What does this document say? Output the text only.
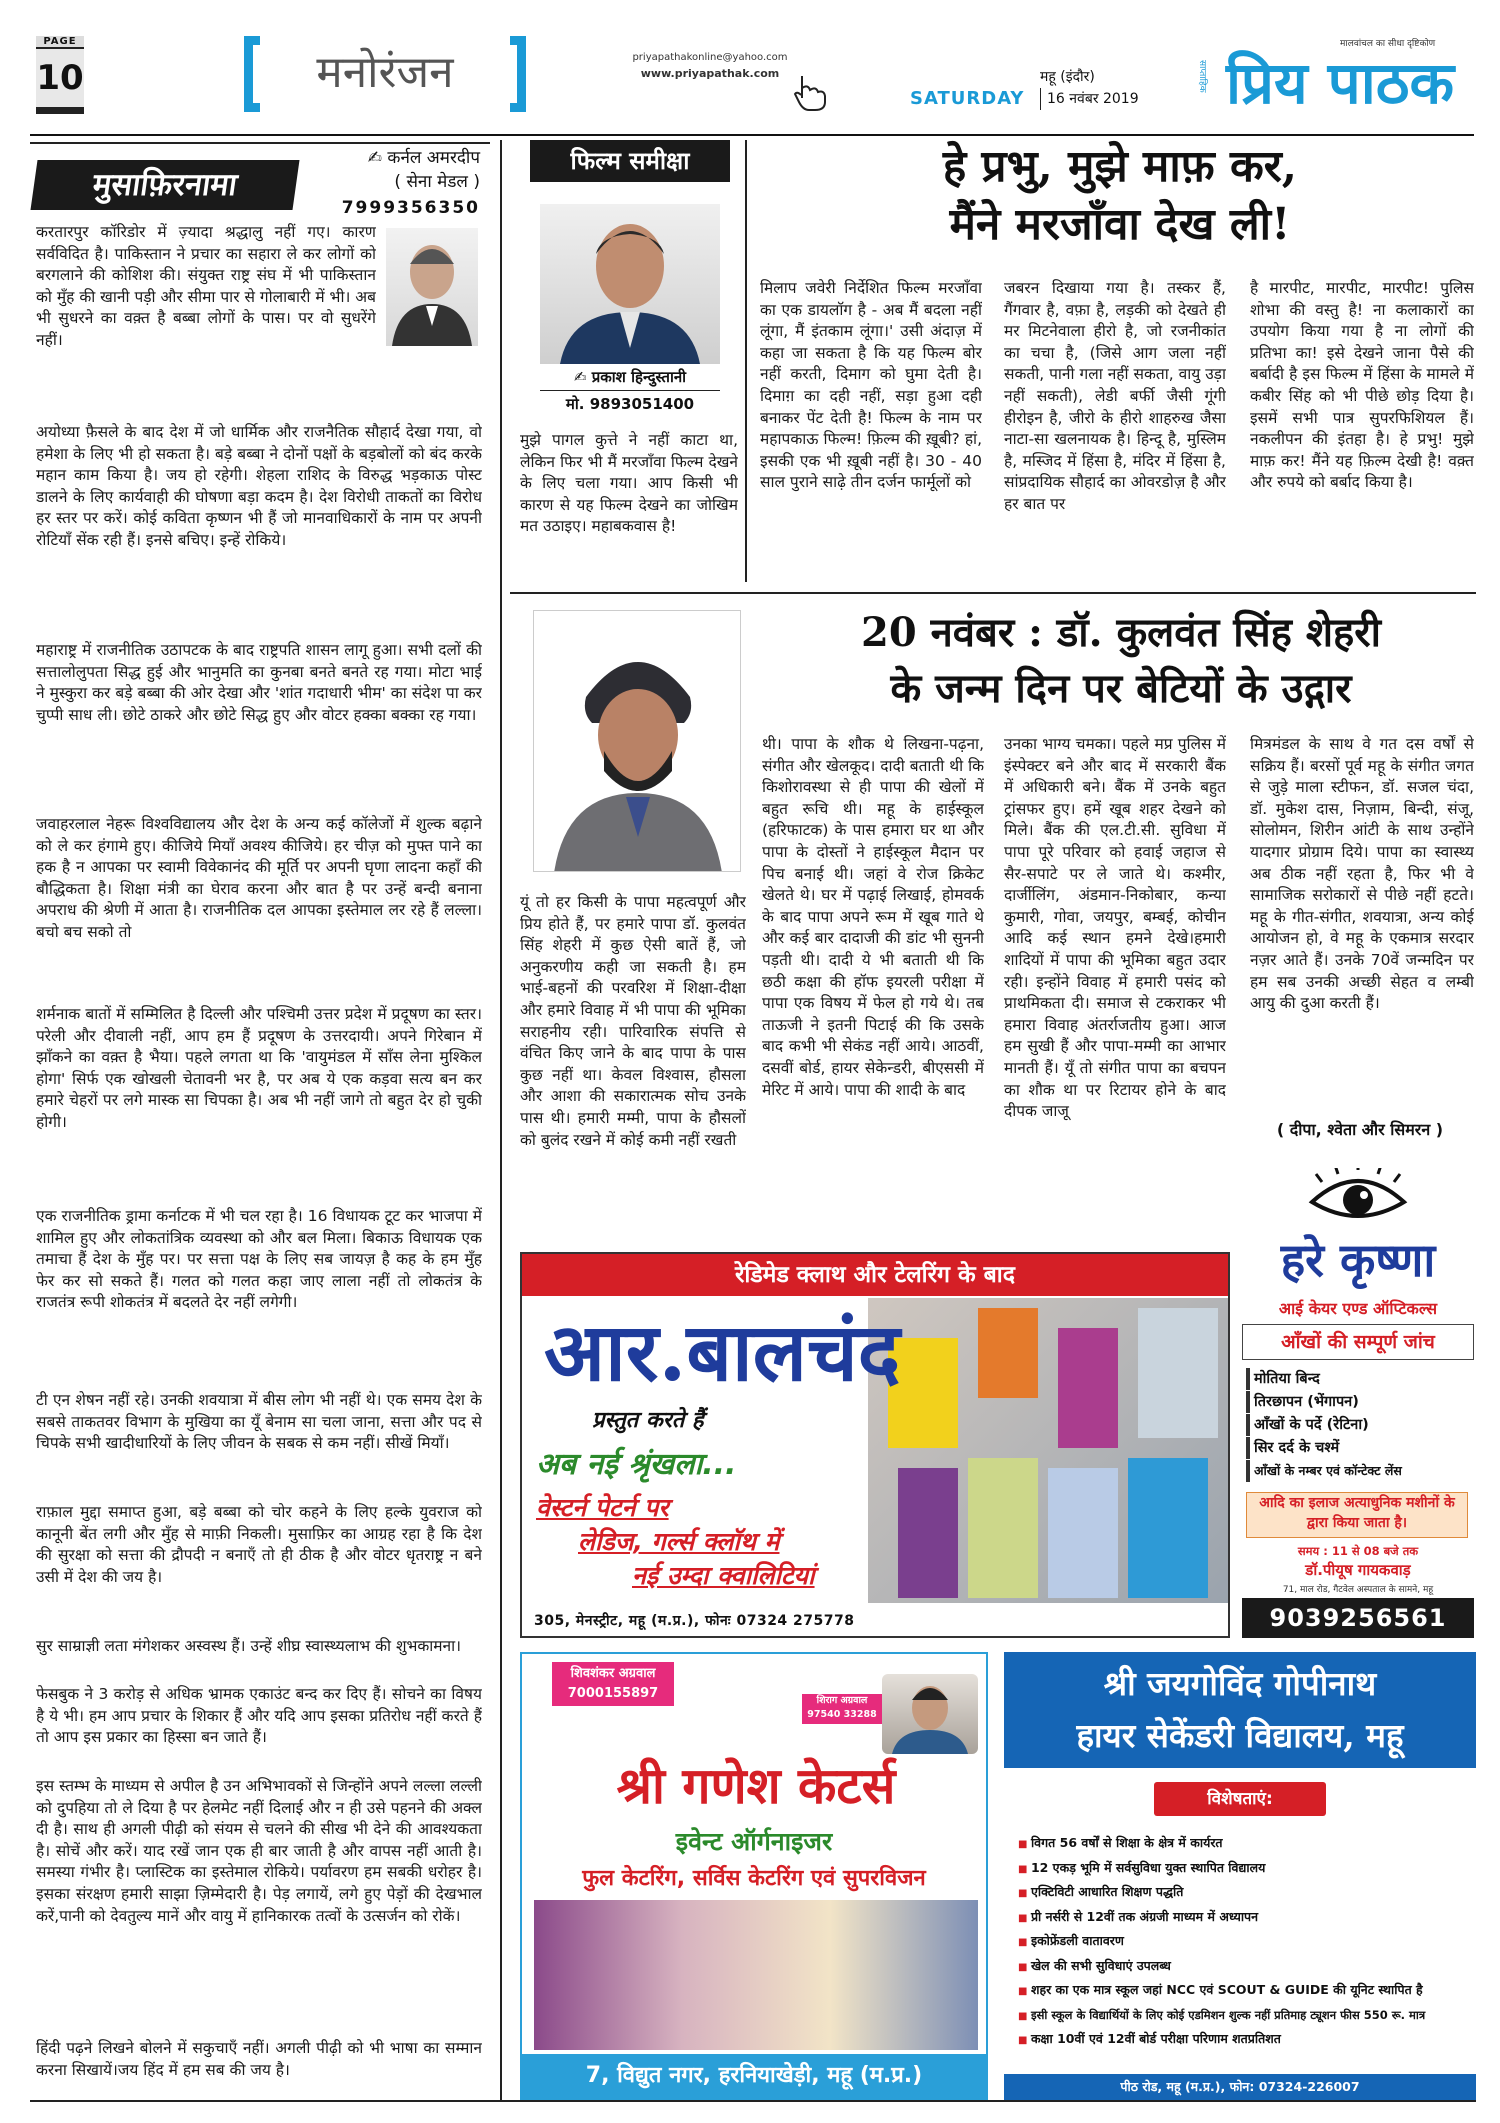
PAGE
10	मनोरंजन	priyapathakonline@yahoo.com
www.priyapathak.com
SATURDAY
महू (इंदौर)
16 नवंबर 2019
साप्ताहिक प्रिय पाठक
मालवांचल का सीधा दृष्टिकोण
मुसाफ़िरनामा
✍ कर्नल अमरदीप
( सेना मेडल )
7999356350

करतारपुर कॉरिडोर में ज़्यादा श्रद्धालु नहीं गए। कारण सर्वविदित है। पाकिस्तान ने प्रचार का सहारा ले कर लोगों को बरगलाने की कोशिश की। संयुक्त राष्ट्र संघ में भी पाकिस्तान को मुँह की खानी पड़ी और सीमा पार से गोलाबारी में भी। अब भी सुधरने का वक़्त है बब्बा लोगों के पास। पर वो सुधरेंगे नहीं।

अयोध्या फ़ैसले के बाद देश में जो धार्मिक और राजनैतिक सौहार्द देखा गया, वो हमेशा के लिए भी हो सकता है। बड़े बब्बा ने दोनों पक्षों के बड़बोलों को बंद करके महान काम किया है। जय हो रहेगी। शेहला राशिद के विरुद्ध भड़काऊ पोस्ट डालने के लिए कार्यवाही की घोषणा बड़ा कदम है। देश विरोधी ताकतों का विरोध हर स्तर पर करें। कोई कविता कृष्णन भी हैं जो मानवाधिकारों के नाम पर अपनी रोटियाँ सेंक रही हैं। इनसे बचिए। इन्हें रोकिये।

महाराष्ट्र में राजनीतिक उठापटक के बाद राष्ट्रपति शासन लागू हुआ। सभी दलों की सत्तालोलुपता सिद्ध हुई और भानुमति का कुनबा बनते बनते रह गया। मोटा भाई ने मुस्कुरा कर बड़े बब्बा की ओर देखा और 'शांत गदाधारी भीम' का संदेश पा कर चुप्पी साध ली। छोटे ठाकरे और छोटे सिद्ध हुए और वोटर हक्का बक्का रह गया।

जवाहरलाल नेहरू विश्वविद्यालय और देश के अन्य कई कॉलेजों में शुल्क बढ़ाने को ले कर हंगामे हुए। कीजिये मियाँ अवश्य कीजिये। हर चीज़ को मुफ्त पाने का हक है न आपका पर स्वामी विवेकानंद की मूर्ति पर अपनी घृणा लादना कहाँ की बौद्धिकता है। शिक्षा मंत्री का घेराव करना और बात है पर उन्हें बन्दी बनाना अपराध की श्रेणी में आता है। राजनीतिक दल आपका इस्तेमाल लर रहे हैं लल्ला। बचो बच सको तो

शर्मनाक बातों में सम्मिलित है दिल्ली और पश्चिमी उत्तर प्रदेश में प्रदूषण का स्तर। परेली और दीवाली नहीं, आप हम हैं प्रदूषण के उत्तरदायी। अपने गिरेबान में झाँकने का वक़्त है भैया। पहले लगता था कि 'वायुमंडल में साँस लेना मुश्किल होगा' सिर्फ एक खोखली चेतावनी भर है, पर अब ये एक कड़वा सत्य बन कर हमारे चेहरों पर लगे मास्क सा चिपका है। अब भी नहीं जागे तो बहुत देर हो चुकी होगी।

एक राजनीतिक ड्रामा कर्नाटक में भी चल रहा है। 16 विधायक टूट कर भाजपा में शामिल हुए और लोकतांत्रिक व्यवस्था को और बल मिला। बिकाऊ विधायक एक तमाचा हैं देश के मुँह पर। पर सत्ता पक्ष के लिए सब जायज़ है कह के हम मुँह फेर कर सो सकते हैं। गलत को गलत कहा जाए लाला नहीं तो लोकतंत्र के राजतंत्र रूपी शोकतंत्र में बदलते देर नहीं लगेगी।

टी एन शेषन नहीं रहे। उनकी शवयात्रा में बीस लोग भी नहीं थे। एक समय देश के सबसे ताकतवर विभाग के मुखिया का यूँ बेनाम सा चला जाना, सत्ता और पद से चिपके सभी खादीधारियों के लिए जीवन के सबक से कम नहीं। सीखें मियाँ।

राफ़ाल मुद्दा समाप्त हुआ, बड़े बब्बा को चोर कहने के लिए हल्के युवराज को कानूनी बेंत लगी और मुँह से माफ़ी निकली। मुसाफ़िर का आग्रह रहा है कि देश की सुरक्षा को सत्ता की द्रौपदी न बनाएँ तो ही ठीक है और वोटर धृतराष्ट्र न बने उसी में देश की जय है।

सुर साम्राज्ञी लता मंगेशकर अस्वस्थ हैं। उन्हें शीघ्र स्वास्थ्यलाभ की शुभकामना।

फेसबुक ने 3 करोड़ से अधिक भ्रामक एकाउंट बन्द कर दिए हैं। सोचने का विषय है ये भी। हम आप प्रचार के शिकार हैं और यदि आप इसका प्रतिरोध नहीं करते हैं तो आप इस प्रकार का हिस्सा बन जाते हैं।

इस स्तम्भ के माध्यम से अपील है उन अभिभावकों से जिन्होंने अपने लल्ला लल्ली को दुपहिया तो ले दिया है पर हेलमेट नहीं दिलाई और न ही उसे पहनने की अक्ल दी है। साथ ही अगली पीढ़ी को संयम से चलने की सीख भी देने की आवश्यकता है। सोचें और करें। याद रखें जान एक ही बार जाती है और वापस नहीं आती है। समस्या गंभीर है। प्लास्टिक का इस्तेमाल रोकिये। पर्यावरण हम सबकी धरोहर है। इसका संरक्षण हमारी साझा ज़िम्मेदारी है। पेड़ लगायें, लगे हुए पेड़ों की देखभाल करें,पानी को देवतुल्य मानें और वायु में हानिकारक तत्वों के उत्सर्जन को रोकें।

हिंदी पढ़ने लिखने बोलने में सकुचाएँ नहीं। अगली पीढ़ी को भी भाषा का सम्मान करना सिखायें।जय हिंद में हम सब की जय है।

फिल्म समीक्षा
✍ प्रकाश हिन्दुस्तानी
मो. 9893051400

मुझे पागल कुत्ते ने नहीं काटा था, लेकिन फिर भी मैं मरजाँवा फिल्म देखने के लिए चला गया। आप किसी भी कारण से यह फिल्म देखने का जोखिम मत उठाइए। महाबकवास है!

हे प्रभु, मुझे माफ़ कर,
मैंने मरजाँवा देख ली!

मिलाप जवेरी निर्देशित फिल्म मरजाँवा का एक डायलॉग है - अब मैं बदला नहीं लूंगा, मैं इंतकाम लूंगा।' उसी अंदाज़ में कहा जा सकता है कि यह फिल्म बोर नहीं करती, दिमाग को घुमा देती है। दिमाग़ का दही नहीं, सड़ा हुआ दही बनाकर पेंट देती है! फिल्म के नाम पर महापकाऊ फिल्म! फ़िल्म की ख़ूबी? हां, इसकी एक भी ख़ूबी नहीं है। 30 - 40 साल पुराने साढ़े तीन दर्जन फार्मूलों को

जबरन दिखाया गया है। तस्कर हैं, गैंगवार है, वफ़ा है, लड़की को देखते ही मर मिटनेवाला हीरो है, जो रजनीकांत का चचा है, (जिसे आग जला नहीं सकती, पानी गला नहीं सकता, वायु उड़ा नहीं सकती), लेडी बर्फी जैसी गूंगी हीरोइन है, जीरो के हीरो शाहरुख जैसा नाटा-सा खलनायक है। हिन्दू है, मुस्लिम है, मस्जिद में हिंसा है, मंदिर में हिंसा है, सांप्रदायिक सौहार्द का ओवरडोज़ है और हर बात पर

है मारपीट, मारपीट, मारपीट! पुलिस शोभा की वस्तु है! ना कलाकारों का उपयोग किया गया है ना लोगों की प्रतिभा का! इसे देखने जाना पैसे की बर्बादी है इस फिल्म में हिंसा के मामले में कबीर सिंह को भी पीछे छोड़ दिया है। इसमें सभी पात्र सुपरफिशियल हैं। नकलीपन की इंतहा है। हे प्रभु! मुझे माफ़ कर! मैंने यह फ़िल्म देखी है! वक़्त और रुपये को बर्बाद किया है।

20 नवंबर : डॉ. कुलवंत सिंह शेहरी
के जन्म दिन पर बेटियों के उद्गार

यूं तो हर किसी के पापा महत्वपूर्ण और प्रिय होते हैं, पर हमारे पापा डॉ. कुलवंत सिंह शेहरी में कुछ ऐसी बातें हैं, जो अनुकरणीय कही जा सकती है। हम भाई-बहनों की परवरिश में शिक्षा-दीक्षा और हमारे विवाह में भी पापा की भूमिका सराहनीय रही। पारिवारिक संपत्ति से वंचित किए जाने के बाद पापा के पास कुछ नहीं था। केवल विश्वास, हौसला और आशा की सकारात्मक सोच उनके पास थी। हमारी मम्मी, पापा के हौसलों को बुलंद रखने में कोई कमी नहीं रखती

थी। पापा के शौक थे लिखना-पढ़ना, संगीत और खेलकूद। दादी बताती थी कि किशोरावस्था से ही पापा की खेलों में बहुत रूचि थी। महू के हाईस्कूल (हरिफाटक) के पास हमारा घर था और पापा के दोस्तों ने हाईस्कूल मैदान पर पिच बनाई थी। जहां वे रोज क्रिकेट खेलते थे। घर में पढ़ाई लिखाई, होमवर्क के बाद पापा अपने रूम में खूब गाते थे और कई बार दादाजी की डांट भी सुननी पड़ती थी। दादी ये भी बताती थी कि छठी कक्षा की हॉफ इयरली परीक्षा में पापा एक विषय में फेल हो गये थे। तब ताऊजी ने इतनी पिटाई की कि उसके बाद कभी भी सेकंड नहीं आये। आठवीं, दसवीं बोर्ड, हायर सेकेन्डरी, बीएससी में मेरिट में आये। पापा की शादी के बाद

उनका भाग्य चमका। पहले मप्र पुलिस में इंस्पेक्टर बने और बाद में सरकारी बैंक में अधिकारी बने। बैंक में उनके बहुत ट्रांसफर हुए। हमें खूब शहर देखने को मिले। बैंक की एल.टी.सी. सुविधा में पापा पूरे परिवार को हवाई जहाज से सैर-सपाटे पर ले जाते थे। कश्मीर, दार्जीलिंग, अंडमान-निकोबार, कन्या कुमारी, गोवा, जयपुर, बम्बई, कोचीन आदि कई स्थान हमने देखे।हमारी शादियों में पापा की भूमिका बहुत उदार रही। इन्होंने विवाह में हमारी पसंद को प्राथमिकता दी। समाज से टकराकर भी हमारा विवाह अंतर्राजतीय हुआ। आज हम सुखी हैं और पापा-मम्मी का आभार मानती हैं। यूँ तो संगीत पापा का बचपन का शौक था पर रिटायर होने के बाद दीपक जाजू

मित्रमंडल के साथ वे गत दस वर्षों से सक्रिय हैं। बरसों पूर्व महू के संगीत जगत से जुड़े माला स्टीफन, डॉ. सजल चंदा, डॉ. मुकेश दास, निज़ाम, बिन्दी, संजू, सोलोमन, शिरीन आंटी के साथ उन्होंने यादगार प्रोग्राम दिये। पापा का स्वास्थ्य अब ठीक नहीं रहता है, फिर भी वे सामाजिक सरोकारों से पीछे नहीं हटते। महू के गीत-संगीत, शवयात्रा, अन्य कोई आयोजन हो, वे महू के एकमात्र सरदार नज़र आते हैं। उनके 70वें जन्मदिन पर हम सब उनकी अच्छी सेहत व लम्बी आयु की दुआ करती हैं।

( दीपा, श्वेता और सिमरन )
रेडिमेड क्लाथ और टेलरिंग के बाद
आर.बालचंद
प्रस्तुत करते हैं
अब नई श्रृंखला...
वेस्टर्न पेटर्न पर
लेडिज, गर्ल्स क्लॉथ में
नई उम्दा क्वालिटियां
305, मेनस्ट्रीट, महू (म.प्र.), फोनः 07324 275778
हरे कृष्णा
आई केयर एण्ड ऑप्टिकल्स
आँखों की सम्पूर्ण जांच
मोतिया बिन्द
तिरछापन (भेंगापन)
आँखों के पर्दे (रेटिना)
सिर दर्द के चश्में
आँखों के नम्बर एवं कॉन्टेक्ट लेंस
आदि का इलाज अत्याधुनिक मशीनों के द्वारा किया जाता है।
समय : 11 से 08 बजे तक
डॉ.पीयूष गायकवाड़
71, माल रोड, गैटवेल अस्पताल के सामने, महू
9039256561
शिवशंकर अग्रवाल
7000155897	शिराग अग्रवाल
97540 33288
श्री गणेश केटर्स
इवेन्ट ऑर्गनाइजर
फुल केटरिंग, सर्विस केटरिंग एवं सुपरविजन
7, विद्युत नगर, हरनियाखेड़ी, महू (म.प्र.)
श्री जयगोविंद गोपीनाथ
हायर सेकेंडरी विद्यालय, महू
विशेषताएं:
■ विगत 56 वर्षों से शिक्षा के क्षेत्र में कार्यरत
■ 12 एकड़ भूमि में सर्वसुविधा युक्त स्थापित विद्यालय
■ एक्टिविटी आधारित शिक्षण पद्धति
■ प्री नर्सरी से 12वीं तक अंग्रजी माध्यम में अध्यापन
■ इकोफ्रेंडली वातावरण
■ खेल की सभी सुविधाएं उपलब्ध
■ शहर का एक मात्र स्कूल जहां NCC एवं SCOUT & GUIDE की यूनिट स्थापित है
■ इसी स्कूल के विद्यार्थियों के लिए कोई एडमिशन शुल्क नहीं प्रतिमाह ट्यूशन फीस 550 रू. मात्र
■ कक्षा 10वीं एवं 12वीं बोर्ड परीक्षा परिणाम शतप्रतिशत
पीठ रोड, महू (म.प्र.), फोन: 07324-226007
